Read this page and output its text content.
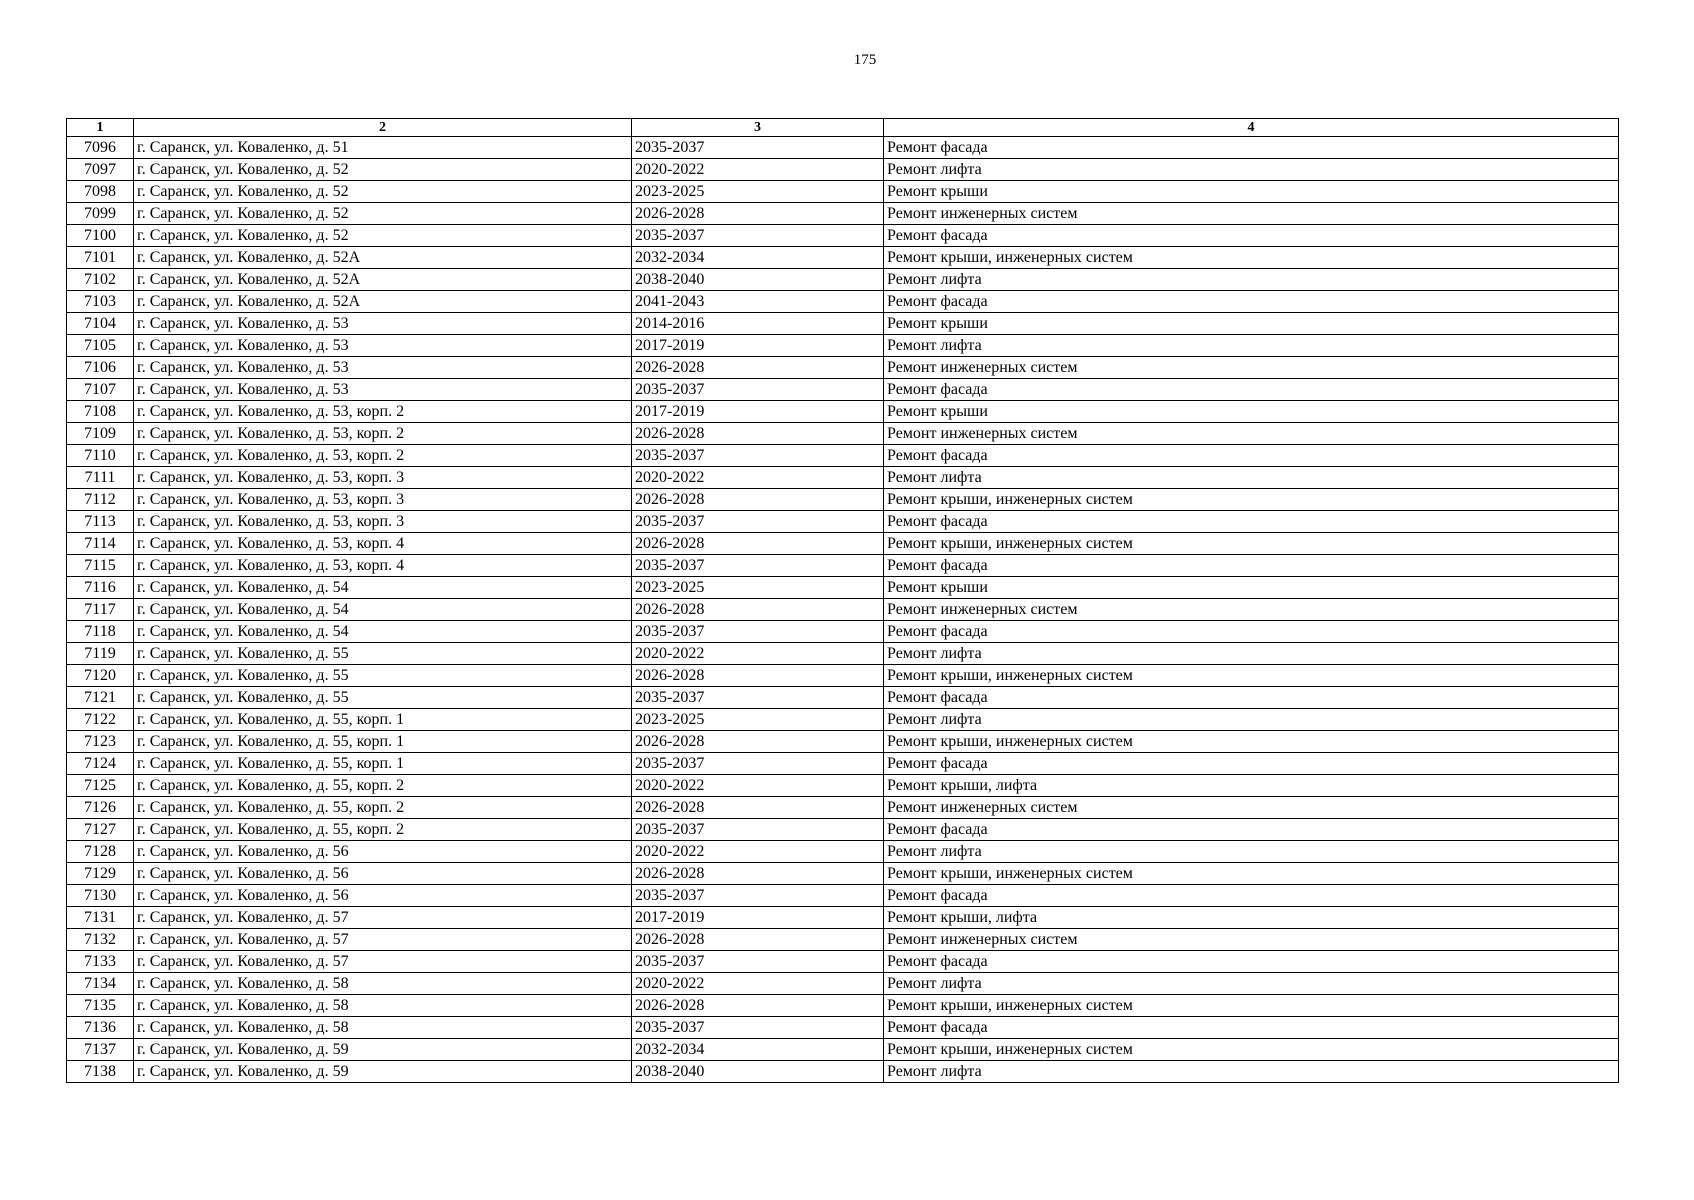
175
1	2	3	4
7096	г. Саранск, ул. Коваленко, д. 51	2035-2037	Ремонт фасада
7097	г. Саранск, ул. Коваленко, д. 52	2020-2022	Ремонт лифта
7098	г. Саранск, ул. Коваленко, д. 52	2023-2025	Ремонт крыши
7099	г. Саранск, ул. Коваленко, д. 52	2026-2028	Ремонт инженерных систем
7100	г. Саранск, ул. Коваленко, д. 52	2035-2037	Ремонт фасада
7101	г. Саранск, ул. Коваленко, д. 52А	2032-2034	Ремонт крыши, инженерных систем
7102	г. Саранск, ул. Коваленко, д. 52А	2038-2040	Ремонт лифта
7103	г. Саранск, ул. Коваленко, д. 52А	2041-2043	Ремонт фасада
7104	г. Саранск, ул. Коваленко, д. 53	2014-2016	Ремонт крыши
7105	г. Саранск, ул. Коваленко, д. 53	2017-2019	Ремонт лифта
7106	г. Саранск, ул. Коваленко, д. 53	2026-2028	Ремонт инженерных систем
7107	г. Саранск, ул. Коваленко, д. 53	2035-2037	Ремонт фасада
7108	г. Саранск, ул. Коваленко, д. 53, корп. 2	2017-2019	Ремонт крыши
7109	г. Саранск, ул. Коваленко, д. 53, корп. 2	2026-2028	Ремонт инженерных систем
7110	г. Саранск, ул. Коваленко, д. 53, корп. 2	2035-2037	Ремонт фасада
7111	г. Саранск, ул. Коваленко, д. 53, корп. 3	2020-2022	Ремонт лифта
7112	г. Саранск, ул. Коваленко, д. 53, корп. 3	2026-2028	Ремонт крыши, инженерных систем
7113	г. Саранск, ул. Коваленко, д. 53, корп. 3	2035-2037	Ремонт фасада
7114	г. Саранск, ул. Коваленко, д. 53, корп. 4	2026-2028	Ремонт крыши, инженерных систем
7115	г. Саранск, ул. Коваленко, д. 53, корп. 4	2035-2037	Ремонт фасада
7116	г. Саранск, ул. Коваленко, д. 54	2023-2025	Ремонт крыши
7117	г. Саранск, ул. Коваленко, д. 54	2026-2028	Ремонт инженерных систем
7118	г. Саранск, ул. Коваленко, д. 54	2035-2037	Ремонт фасада
7119	г. Саранск, ул. Коваленко, д. 55	2020-2022	Ремонт лифта
7120	г. Саранск, ул. Коваленко, д. 55	2026-2028	Ремонт крыши, инженерных систем
7121	г. Саранск, ул. Коваленко, д. 55	2035-2037	Ремонт фасада
7122	г. Саранск, ул. Коваленко, д. 55, корп. 1	2023-2025	Ремонт лифта
7123	г. Саранск, ул. Коваленко, д. 55, корп. 1	2026-2028	Ремонт крыши, инженерных систем
7124	г. Саранск, ул. Коваленко, д. 55, корп. 1	2035-2037	Ремонт фасада
7125	г. Саранск, ул. Коваленко, д. 55, корп. 2	2020-2022	Ремонт крыши, лифта
7126	г. Саранск, ул. Коваленко, д. 55, корп. 2	2026-2028	Ремонт инженерных систем
7127	г. Саранск, ул. Коваленко, д. 55, корп. 2	2035-2037	Ремонт фасада
7128	г. Саранск, ул. Коваленко, д. 56	2020-2022	Ремонт лифта
7129	г. Саранск, ул. Коваленко, д. 56	2026-2028	Ремонт крыши, инженерных систем
7130	г. Саранск, ул. Коваленко, д. 56	2035-2037	Ремонт фасада
7131	г. Саранск, ул. Коваленко, д. 57	2017-2019	Ремонт крыши, лифта
7132	г. Саранск, ул. Коваленко, д. 57	2026-2028	Ремонт инженерных систем
7133	г. Саранск, ул. Коваленко, д. 57	2035-2037	Ремонт фасада
7134	г. Саранск, ул. Коваленко, д. 58	2020-2022	Ремонт лифта
7135	г. Саранск, ул. Коваленко, д. 58	2026-2028	Ремонт крыши, инженерных систем
7136	г. Саранск, ул. Коваленко, д. 58	2035-2037	Ремонт фасада
7137	г. Саранск, ул. Коваленко, д. 59	2032-2034	Ремонт крыши, инженерных систем
7138	г. Саранск, ул. Коваленко, д. 59	2038-2040	Ремонт лифта
